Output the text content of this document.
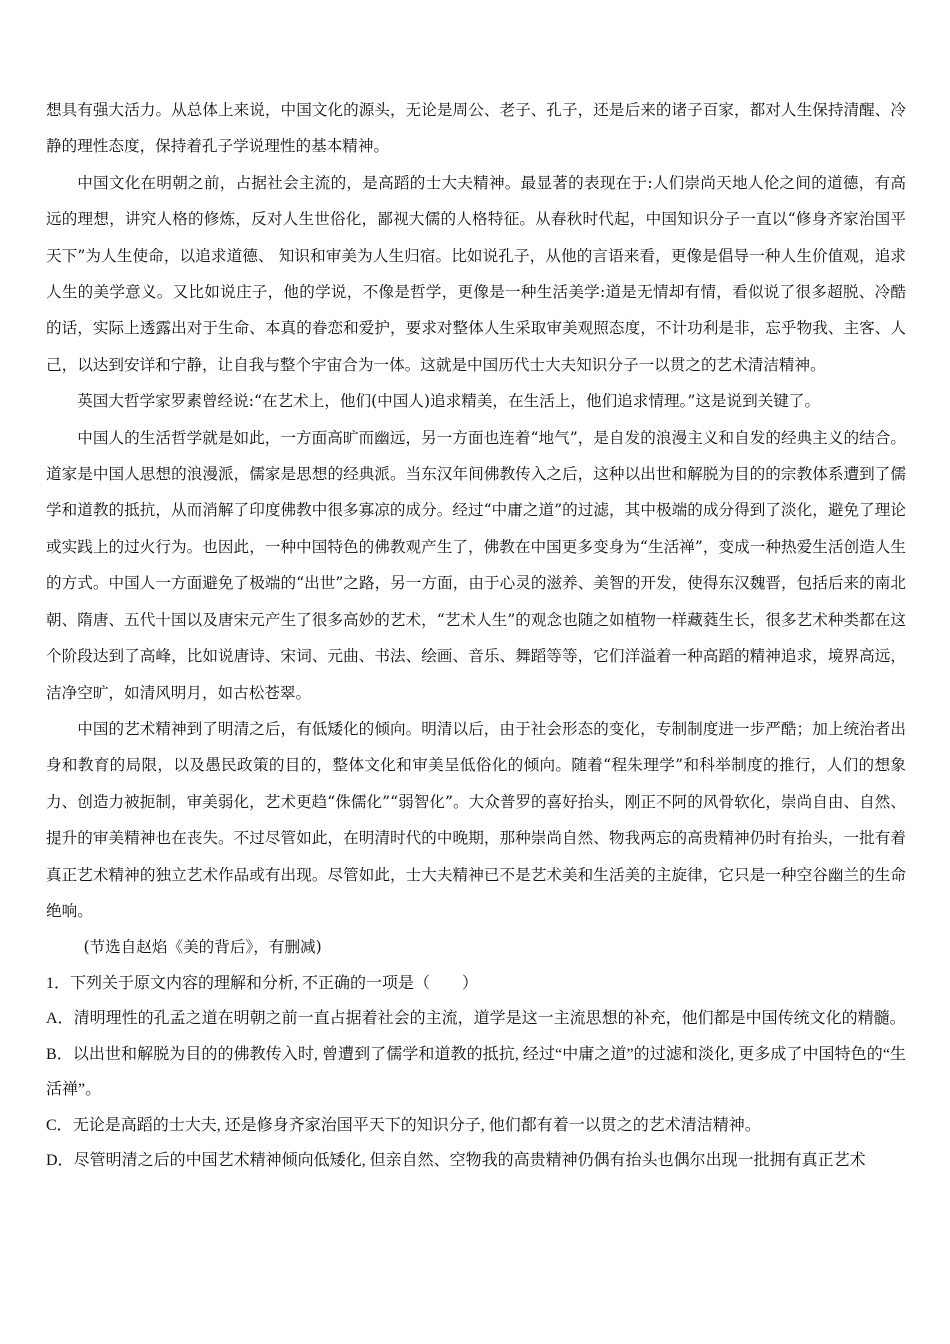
想具有强大活力。从总体上来说，中国文化的源头，无论是周公、老子、孔子，还是后来的诸子百家，都对人生保持清醒、冷静的理性态度，保持着孔子学说理性的基本精神。

中国文化在明朝之前，占据社会主流的，是高蹈的士大夫精神。最显著的表现在于:人们崇尚天地人伦之间的道德，有高远的理想，讲究人格的修炼，反对人生世俗化，鄙视大儒的人格特征。从春秋时代起，中国知识分子一直以“修身齐家治国平天下”为人生使命，以追求道德、 知识和审美为人生归宿。比如说孔子，从他的言语来看，更像是倡导一种人生价值观，追求人生的美学意义。又比如说庄子，他的学说，不像是哲学，更像是一种生活美学:道是无情却有情，看似说了很多超脱、冷酷的话，实际上透露出对于生命、本真的眷恋和爱护，要求对整体人生采取审美观照态度，不计功利是非，忘乎物我、主客、人己，以达到安详和宁静，让自我与整个宇宙合为一体。这就是中国历代士大夫知识分子一以贯之的艺术清洁精神。

英国大哲学家罗素曾经说:“在艺术上，他们(中国人)追求精美，在生活上，他们追求情理。”这是说到关键了。

中国人的生活哲学就是如此，一方面高旷而幽远，另一方面也连着“地气”，是自发的浪漫主义和自发的经典主义的结合。道家是中国人思想的浪漫派，儒家是思想的经典派。当东汉年间佛教传入之后，这种以出世和解脱为目的的宗教体系遭到了儒学和道教的抵抗，从而消解了印度佛教中很多寡凉的成分。经过“中庸之道”的过滤，其中极端的成分得到了淡化，避免了理论或实践上的过火行为。也因此，一种中国特色的佛教观产生了，佛教在中国更多变身为“生活禅”，变成一种热爱生活创造人生的方式。中国人一方面避免了极端的“出世”之路，另一方面，由于心灵的滋养、美智的开发，使得东汉魏晋，包括后来的南北朝、隋唐、五代十国以及唐宋元产生了很多高妙的艺术，“艺术人生”的观念也随之如植物一样藏蕤生长，很多艺术种类都在这个阶段达到了高峰，比如说唐诗、宋词、元曲、书法、绘画、音乐、舞蹈等等，它们洋溢着一种高蹈的精神追求，境界高远，洁净空旷，如清风明月，如古松苍翠。

中国的艺术精神到了明清之后，有低矮化的倾向。明清以后，由于社会形态的变化，专制制度进一步严酷；加上统治者出身和教育的局限，以及愚民政策的目的，整体文化和审美呈低俗化的倾向。随着“程朱理学”和科举制度的推行，人们的想象力、创造力被扼制，审美弱化，艺术更趋“侏儒化”“弱智化”。大众普罗的喜好抬头，刚正不阿的风骨软化，崇尚自由、自然、提升的审美精神也在丧失。不过尽管如此，在明清时代的中晚期，那种崇尚自然、物我两忘的高贵精神仍时有抬头，一批有着真正艺术精神的独立艺术作品或有出现。尽管如此，士大夫精神已不是艺术美和生活美的主旋律，它只是一种空谷幽兰的生命绝响。

(节选自赵焰《美的背后》，有删减)

1．下列关于原文内容的理解和分析, 不正确的一项是（　　）

A．清明理性的孔孟之道在明朝之前一直占据着社会的主流，道学是这一主流思想的补充，他们都是中国传统文化的精髓。

B．以出世和解脱为目的的佛教传入时, 曾遭到了儒学和道教的抵抗, 经过“中庸之道”的过滤和淡化, 更多成了中国特色的“生活禅”。

C．无论是高蹈的士大夫, 还是修身齐家治国平天下的知识分子, 他们都有着一以贯之的艺术清洁精神。

D．尽管明清之后的中国艺术精神倾向低矮化, 但亲自然、空物我的高贵精神仍偶有抬头也偶尔出现一批拥有真正艺术
